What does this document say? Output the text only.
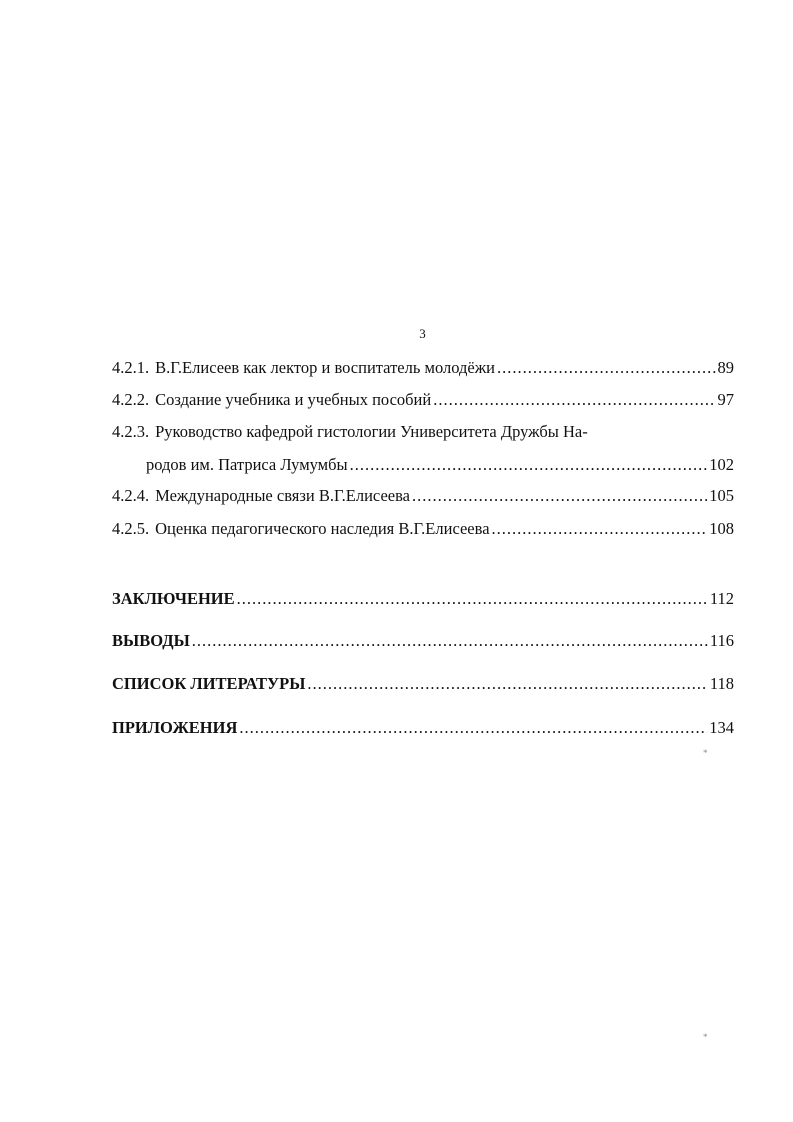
3
4.2.1. В.Г.Елисеев как лектор и воспитатель молодёжи .....	89
4.2.2. Создание учебника и учебных пособий .....	97
4.2.3. Руководство кафедрой гистологии Университета Дружбы На-
родов им. Патриса Лумумбы .....	102
4.2.4. Международные связи В.Г.Елисеева .....	105
4.2.5. Оценка педагогического наследия В.Г.Елисеева .....	108
ЗАКЛЮЧЕНИЕ .....	112
ВЫВОДЫ .....	116
СПИСОК ЛИТЕРАТУРЫ .....	118
ПРИЛОЖЕНИЯ .....	134
*
*
